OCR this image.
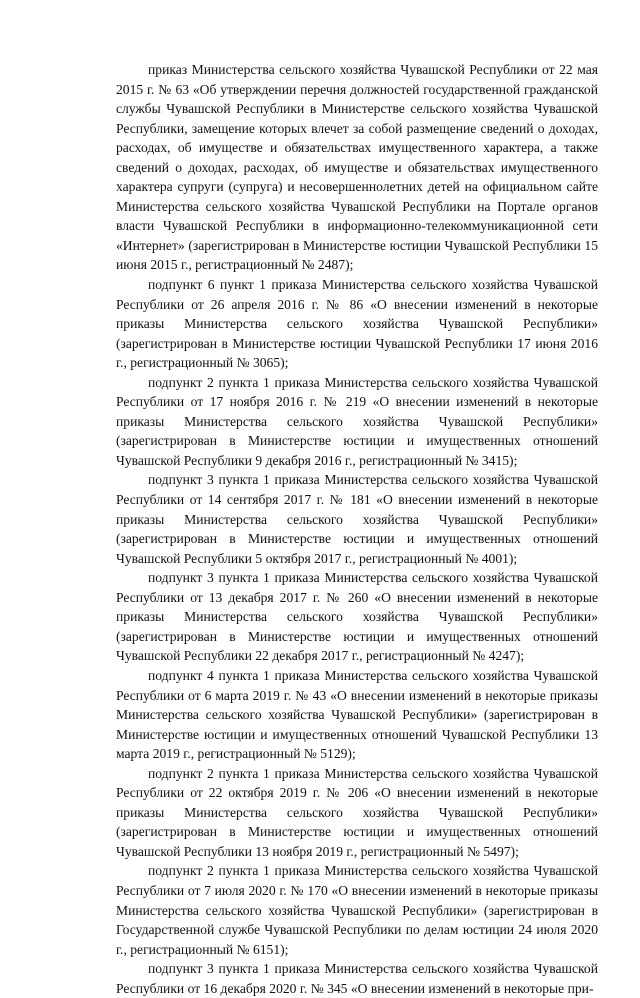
приказ Министерства сельского хозяйства Чувашской Республики от 22 мая 2015 г. № 63 «Об утверждении перечня должностей государственной гражданской службы Чувашской Республики в Министерстве сельского хозяйства Чувашской Республики, замещение которых влечет за собой размещение сведений о доходах, расходах, об имуществе и обязательствах имущественного характера, а также сведений о доходах, расходах, об имуществе и обязательствах имущественного характера супруги (супруга) и несовершеннолетних детей на официальном сайте Министерства сельского хозяйства Чувашской Республики на Портале органов власти Чувашской Республики в информационно-телекоммуникационной сети «Интернет» (зарегистрирован в Министерстве юстиции Чувашской Республики 15 июня 2015 г., регистрационный № 2487);

подпункт 6 пункт 1 приказа Министерства сельского хозяйства Чувашской Республики от 26 апреля 2016 г. № 86 «О внесении изменений в некоторые приказы Министерства сельского хозяйства Чувашской Республики» (зарегистрирован в Министерстве юстиции Чувашской Республики 17 июня 2016 г., регистрационный № 3065);

подпункт 2 пункта 1 приказа Министерства сельского хозяйства Чувашской Республики от 17 ноября 2016 г. № 219 «О внесении изменений в некоторые приказы Министерства сельского хозяйства Чувашской Республики» (зарегистрирован в Министерстве юстиции и имущественных отношений Чувашской Республики 9 декабря 2016 г., регистрационный № 3415);

подпункт 3 пункта 1 приказа Министерства сельского хозяйства Чувашской Республики от 14 сентября 2017 г. № 181 «О внесении изменений в некоторые приказы Министерства сельского хозяйства Чувашской Республики» (зарегистрирован в Министерстве юстиции и имущественных отношений Чувашской Республики 5 октября 2017 г., регистрационный № 4001);

подпункт 3 пункта 1 приказа Министерства сельского хозяйства Чувашской Республики от 13 декабря 2017 г. № 260 «О внесении изменений в некоторые приказы Министерства сельского хозяйства Чувашской Республики» (зарегистрирован в Министерстве юстиции и имущественных отношений Чувашской Республики 22 декабря 2017 г., регистрационный № 4247);

подпункт 4 пункта 1 приказа Министерства сельского хозяйства Чувашской Республики от 6 марта 2019 г. № 43 «О внесении изменений в некоторые приказы Министерства сельского хозяйства Чувашской Республики» (зарегистрирован в Министерстве юстиции и имущественных отношений Чувашской Республики 13 марта 2019 г., регистрационный № 5129);

подпункт 2 пункта 1 приказа Министерства сельского хозяйства Чувашской Республики от 22 октября 2019 г. № 206 «О внесении изменений в некоторые приказы Министерства сельского хозяйства Чувашской Республики» (зарегистрирован в Министерстве юстиции и имущественных отношений Чувашской Республики 13 ноября 2019 г., регистрационный № 5497);

подпункт 2 пункта 1 приказа Министерства сельского хозяйства Чувашской Республики от 7 июля 2020 г. № 170 «О внесении изменений в некоторые приказы Министерства сельского хозяйства Чувашской Республики» (зарегистрирован в Государственной службе Чувашской Республики по делам юстиции 24 июля 2020 г., регистрационный № 6151);

подпункт 3 пункта 1 приказа Министерства сельского хозяйства Чувашской Республики от 16 декабря 2020 г. № 345 «О внесении изменений в некоторые при-
